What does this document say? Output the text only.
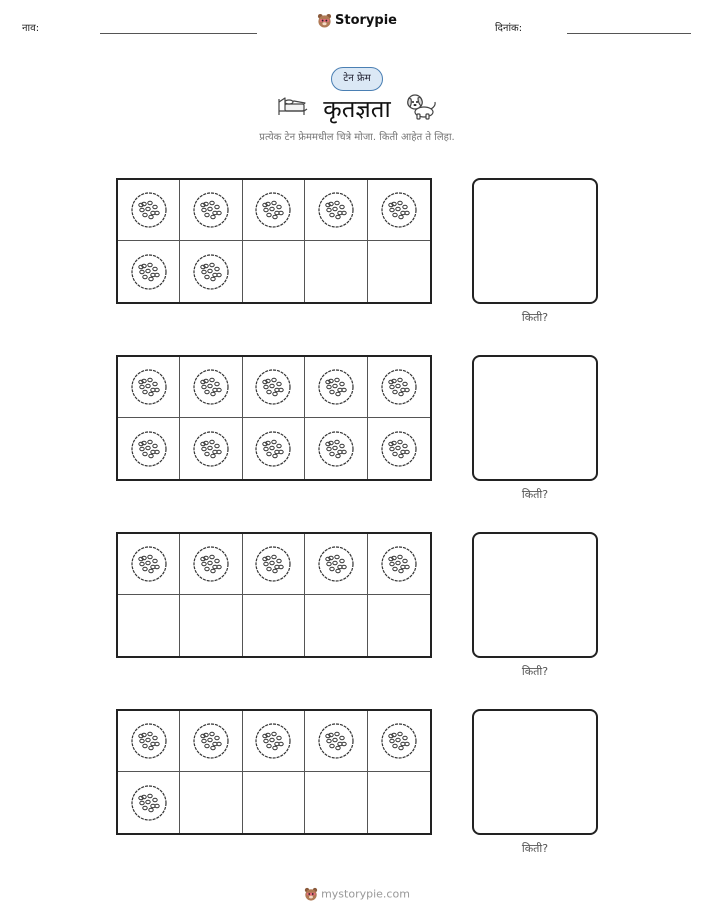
नाव:
Storypie
दिनांक:
टेन फ्रेम
कृतज्ञता
प्रत्येक टेन फ्रेममधील चित्रे मोजा. किती आहेत ते लिहा.
किती?
किती?
किती?
किती?
mystorypie.com
